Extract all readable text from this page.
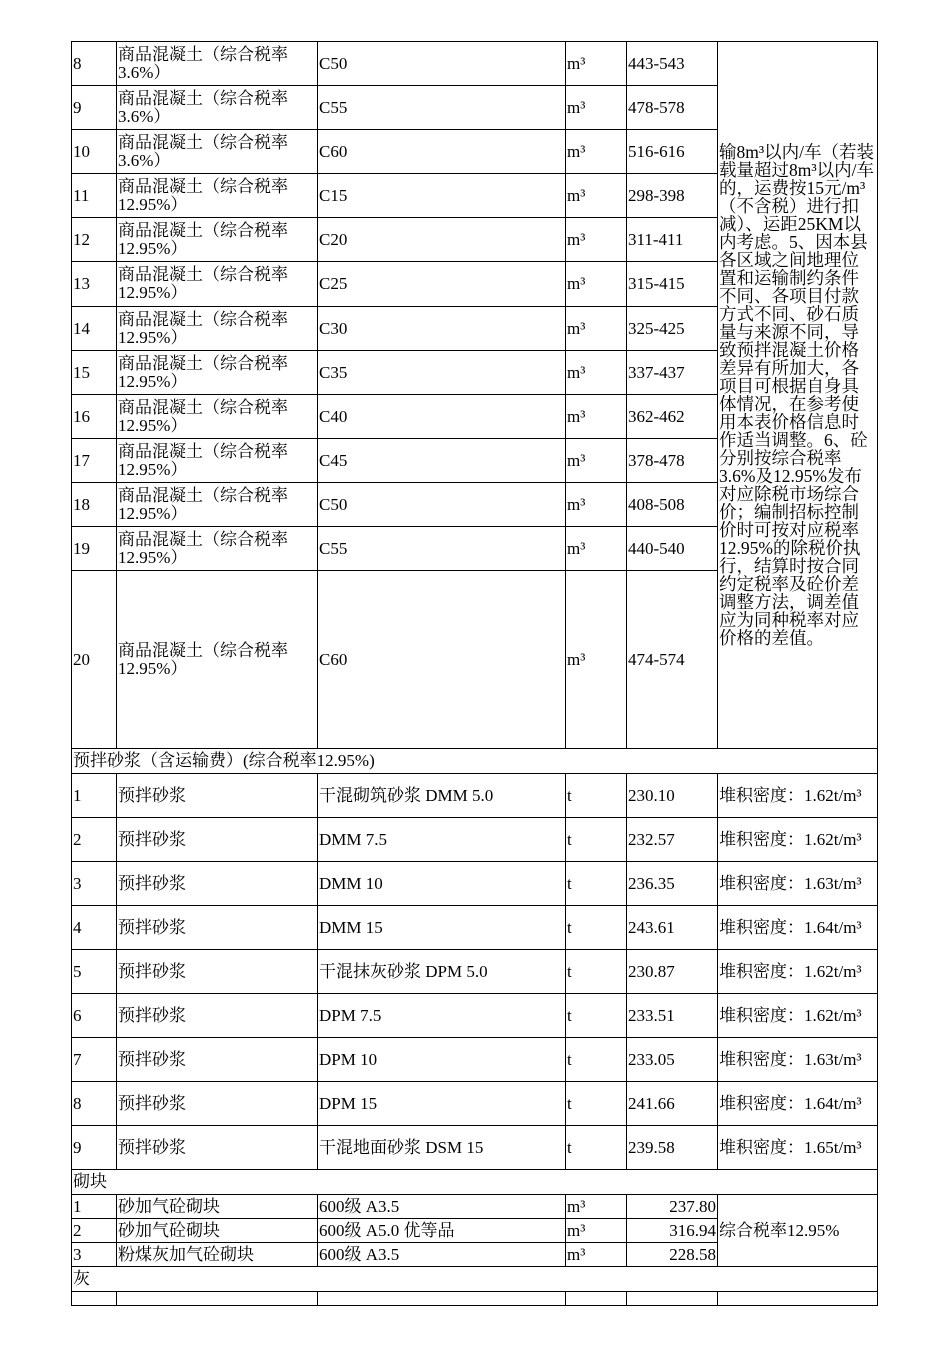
8	商品混凝土（综合税率3.6%）	C50	m³	443-543	输8m³以内/车（若装载量超过8m³以内/车的，运费按15元/m³（不含税）进行扣减）、运距25KM以内考虑。5、因本县各区域之间地理位置和运输制约条件不同、各项目付款方式不同、砂石质量与来源不同，导致预拌混凝土价格差异有所加大，各项目可根据自身具体情况，在参考使用本表价格信息时作适当调整。6、砼分别按综合税率3.6%及12.95%发布对应除税市场综合价；编制招标控制价时可按对应税率12.95%的除税价执行，结算时按合同约定税率及砼价差调整方法，调差值应为同种税率对应价格的差值。
9	商品混凝土（综合税率3.6%）	C55	m³	478-578	
10	商品混凝土（综合税率3.6%）	C60	m³	516-616	
11	商品混凝土（综合税率12.95%）	C15	m³	298-398	
12	商品混凝土（综合税率12.95%）	C20	m³	311-411	
13	商品混凝土（综合税率12.95%）	C25	m³	315-415	
14	商品混凝土（综合税率12.95%）	C30	m³	325-425	
15	商品混凝土（综合税率12.95%）	C35	m³	337-437	
16	商品混凝土（综合税率12.95%）	C40	m³	362-462	
17	商品混凝土（综合税率12.95%）	C45	m³	378-478	
18	商品混凝土（综合税率12.95%）	C50	m³	408-508	
19	商品混凝土（综合税率12.95%）	C55	m³	440-540	
20	商品混凝土（综合税率12.95%）	C60	m³	474-574	
预拌砂浆（含运输费）(综合税率12.95%)					
1	预拌砂浆	干混砌筑砂浆 DMM 5.0	t	230.10	堆积密度：1.62t/m³
2	预拌砂浆	DMM 7.5	t	232.57	堆积密度：1.62t/m³
3	预拌砂浆	DMM 10	t	236.35	堆积密度：1.63t/m³
4	预拌砂浆	DMM 15	t	243.61	堆积密度：1.64t/m³
5	预拌砂浆	干混抹灰砂浆 DPM 5.0	t	230.87	堆积密度：1.62t/m³
6	预拌砂浆	DPM 7.5	t	233.51	堆积密度：1.62t/m³
7	预拌砂浆	DPM 10	t	233.05	堆积密度：1.63t/m³
8	预拌砂浆	DPM 15	t	241.66	堆积密度：1.64t/m³
9	预拌砂浆	干混地面砂浆 DSM 15	t	239.58	堆积密度：1.65t/m³
砌块					
1	砂加气砼砌块	600级 A3.5	m³	237.80	综合税率12.95%
2	砂加气砼砌块	600级 A5.0 优等品	m³	316.94	
3	粉煤灰加气砼砌块	600级 A3.5	m³	228.58	
灰					
